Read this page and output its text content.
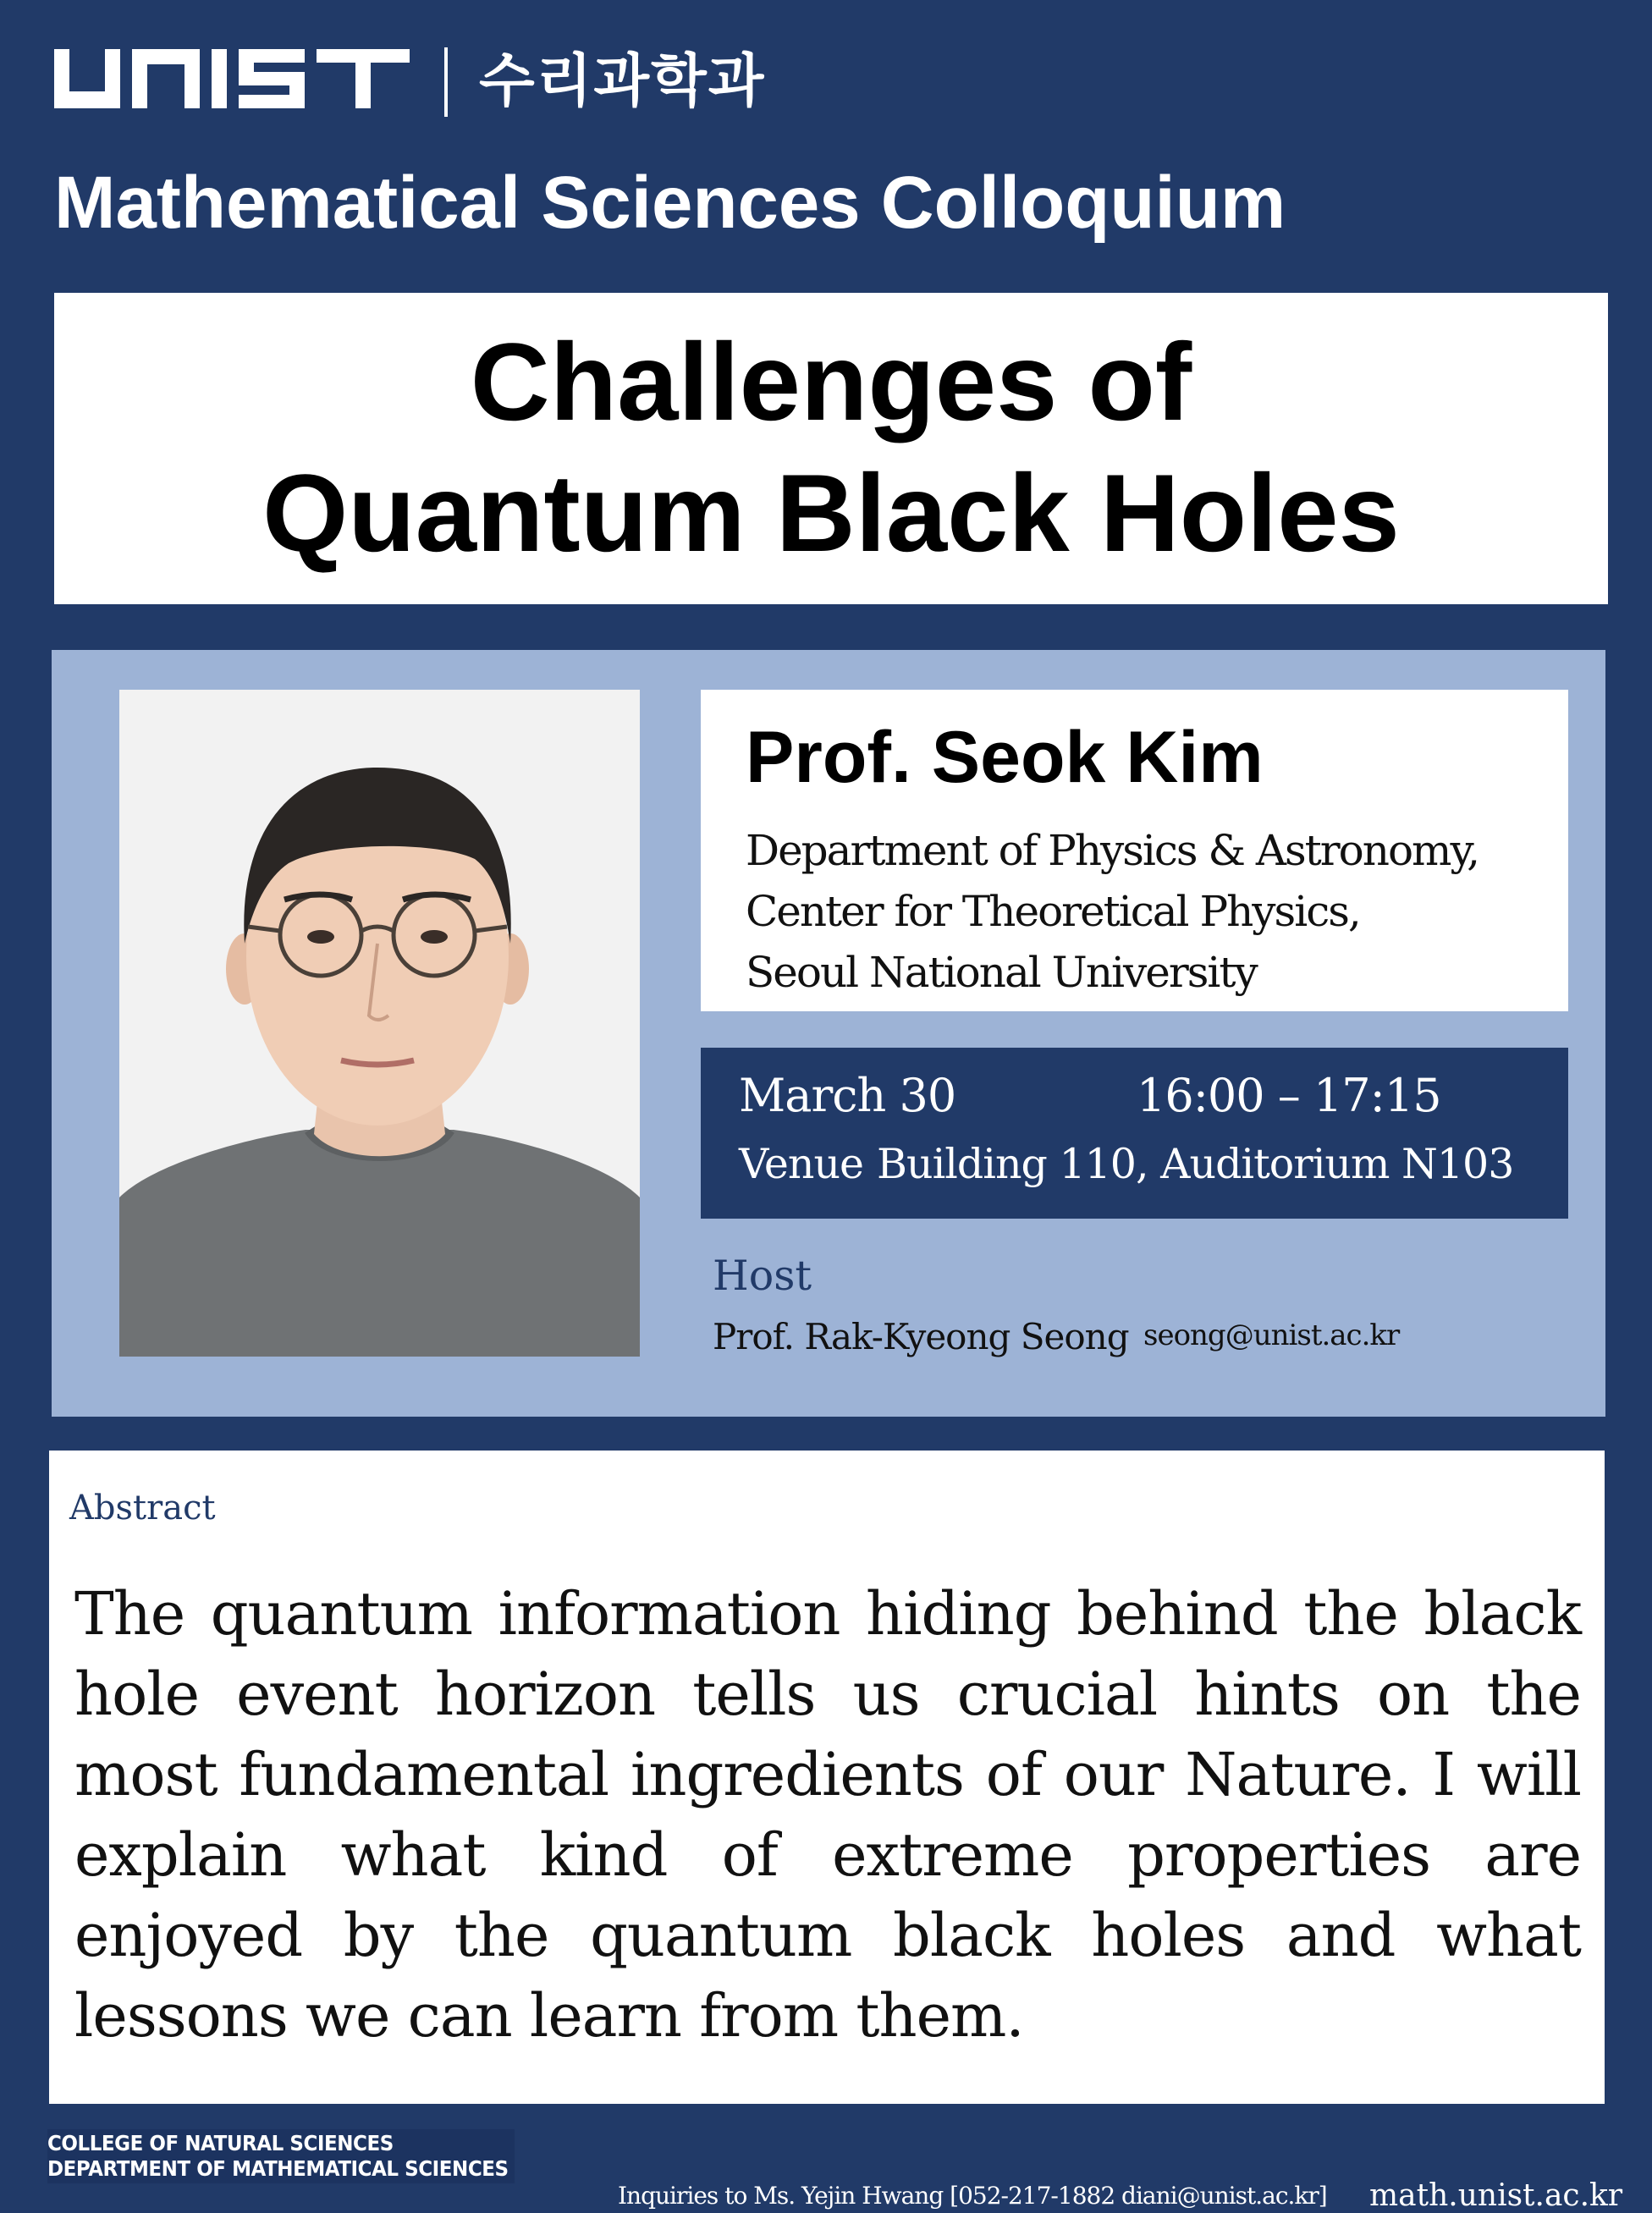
수리과학과
Mathematical Sciences Colloquium
Challenges of
Quantum Black Holes
Prof. Seok Kim
Department of Physics & Astronomy,
Center for Theoretical Physics,
Seoul National University
March 30	16:00 – 17:15
Venue Building 110, Auditorium N103
Host
Prof. Rak-Kyeong Seong seong@unist.ac.kr
Abstract
The quantum information hiding behind the black hole event horizon tells us crucial hints on the most fundamental ingredients of our Nature. I will explain what kind of extreme properties are enjoyed by the quantum black holes and what lessons we can learn from them.
COLLEGE OF NATURAL SCIENCES
DEPARTMENT OF MATHEMATICAL SCIENCES
Inquiries to Ms. Yejin Hwang [052-217-1882 diani@unist.ac.kr] math.unist.ac.kr
